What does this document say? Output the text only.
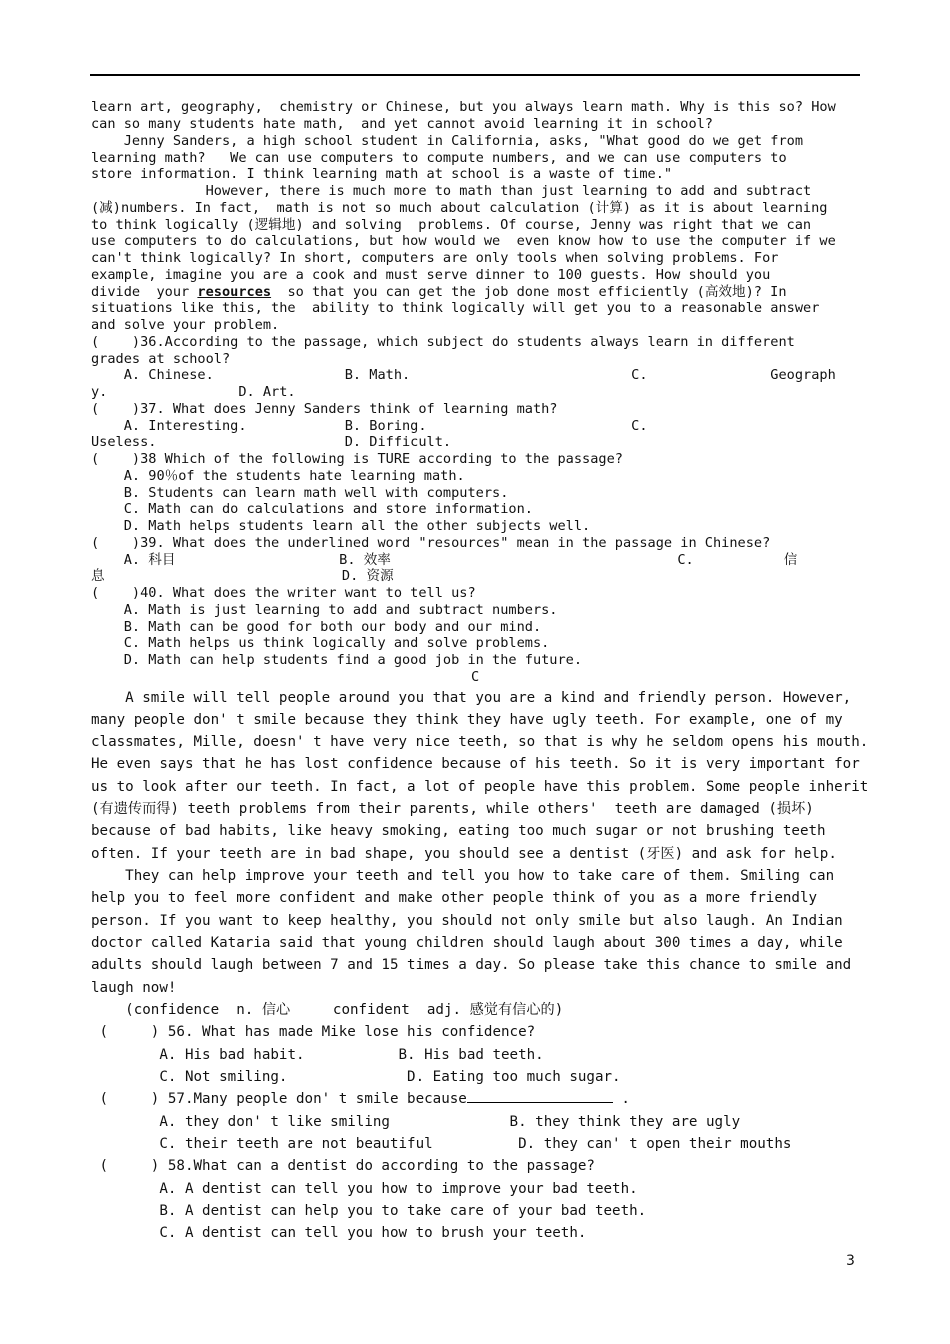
learn art, geography,  chemistry or Chinese, but you always learn math. Why is this so? How
can so many students hate math,  and yet cannot avoid learning it in school?
Jenny Sanders, a high school student in California, asks, "What good do we get from
learning math?   We can use computers to compute numbers, and we can use computers to
store information. I think learning math at school is a waste of time."
However, there is much more to math than just learning to add and subtract
(减)numbers. In fact,  math is not so much about calculation (计算) as it is about learning
to think logically (逻辑地) and solving  problems. Of course, Jenny was right that we can
use computers to do calculations, but how would we  even know how to use the computer if we
can't think logically? In short, computers are only tools when solving problems. For
example, imagine you are a cook and must serve dinner to 100 guests. How should you
divide  your resources  so that you can get the job done most efficiently (高效地)? In
situations like this, the  ability to think logically will get you to a reasonable answer
and solve your problem.
(    )36.According to the passage, which subject do students always learn in different
grades at school?
A. Chinese.                B. Math.                           C.               Geograph
y.                D. Art.
(    )37. What does Jenny Sanders think of learning math?
A. Interesting.            B. Boring.                         C.
Useless.                       D. Difficult.
(    )38 Which of the following is TURE according to the passage?
A. 90％of the students hate learning math.
B. Students can learn math well with computers.
C. Math can do calculations and store information.
D. Math helps students learn all the other subjects well.
(    )39. What does the underlined word "resources" mean in the passage in Chinese?
A. 科目                    B. 效率                                   C.           信
息                             D. 资源
(    )40. What does the writer want to tell us?
A. Math is just learning to add and subtract numbers.
B. Math can be good for both our body and our mind.
C. Math helps us think logically and solve problems.
D. Math can help students find a good job in the future.
C
A smile will tell people around you that you are a kind and friendly person. However,
many people don' t smile because they think they have ugly teeth. For example, one of my
classmates, Mille, doesn' t have very nice teeth, so that is why he seldom opens his mouth.
He even says that he has lost confidence because of his teeth. So it is very important for
us to look after our teeth. In fact, a lot of people have this problem. Some people inherit
(有遗传而得) teeth problems from their parents, while others'  teeth are damaged (损坏)
because of bad habits, like heavy smoking, eating too much sugar or not brushing teeth
often. If your teeth are in bad shape, you should see a dentist (牙医) and ask for help.
They can help improve your teeth and tell you how to take care of them. Smiling can
help you to feel more confident and make other people think of you as a more friendly
person. If you want to keep healthy, you should not only smile but also laugh. An Indian
doctor called Kataria said that young children should laugh about 300 times a day, while
adults should laugh between 7 and 15 times a day. So please take this chance to smile and
laugh now!
(confidence  n. 信心     confident  adj. 感觉有信心的)
(     ) 56. What has made Mike lose his confidence?
A. His bad habit.           B. His bad teeth.
C. Not smiling.              D. Eating too much sugar.
(     ) 57.Many people don' t smile because	.
A. they don' t like smiling              B. they think they are ugly
C. their teeth are not beautiful          D. they can' t open their mouths
(     ) 58.What can a dentist do according to the passage?
A. A dentist can tell you how to improve your bad teeth.
B. A dentist can help you to take care of your bad teeth.
C. A dentist can tell you how to brush your teeth.
3
